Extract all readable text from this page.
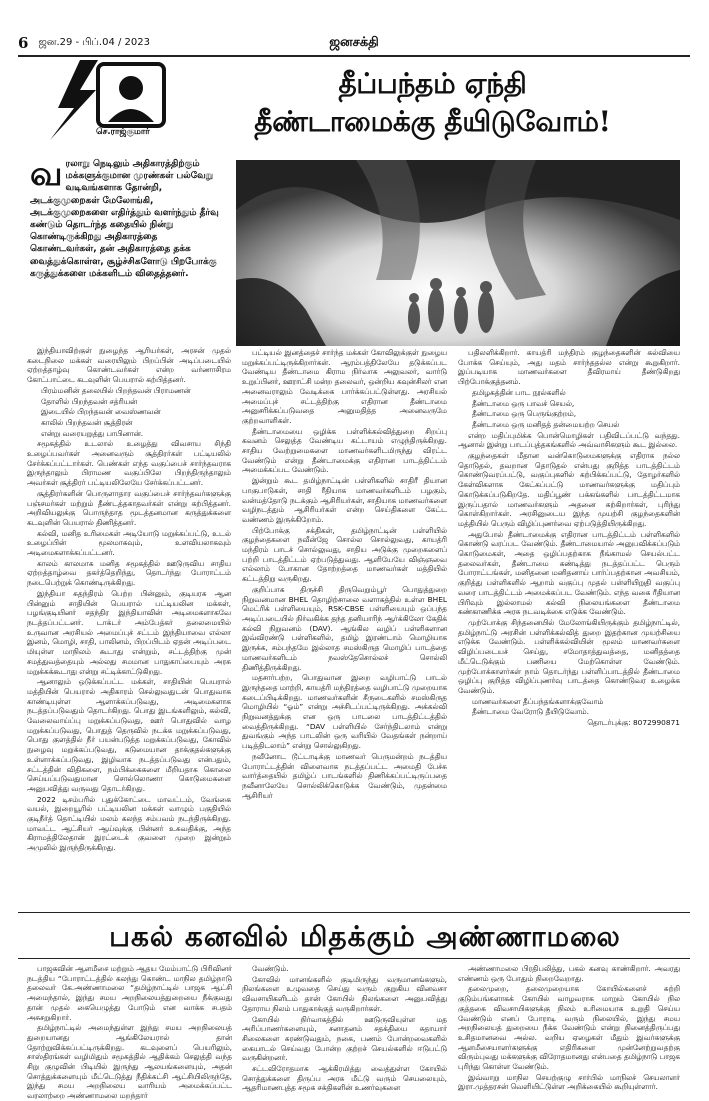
6 ஜன.29 - பிப்.04 / 2023	ஜனசக்தி
செ.ராஜ்குமார்
தீப்பந்தம் ஏந்தி
தீண்டாமைக்கு தீயிடுவோம்!
வ ரலாறு நெடிலும் அதிகாரத்திற்கும் மக்களுக்குமான முரண்கள் பல்வேறு வடிவங்களாக தோன்றி, அடக்குமுறைகள் மேலோங்கி, அடக்குமுறைகளை எதிர்த்தும் வளர்ந்தும் தீர்வு கண்டும் தொடர்ந்த கதையில் நின்று கொண்டிருக்கிறது அதிகாரத்தை கொண்டவர்கள், தன் அதிகாரத்தை தக்க வைத்துக்கொள்ள, சூழ்ச்சிகளோடு பிறபோக்கு கருத்துக்களை மக்களிடம் விதைத்தனர்.

இந்தியாவிற்குள் நுழைந்த ஆரியர்கள், அரசன் முதல் கடைநிலை மக்கள் வரையிலும் பிறப்பின் அடிப்படையில் ஏற்றத்தாழ்வு கொண்டவர்கள் என்ற வர்ணாசிரம கோட்பாட்டை கடவுளின் பெயரால் கற்பித்தனர்.

பிரம்மனின் தலையில் பிறந்தவன் பிராமணன்

தோளில் பிறந்தவன் சத்ரியன்

இடையில் பிறந்தவன் வைஸ்ணவன்

காலில் பிறந்தவன் சூத்திரன்

என்று வரையறுத்து பாபினான்.

சமூகத்தில் உடலால் உழைத்து விவசாய சிந்தி உழைப்பவர்கள் அனைவரும் சூத்திரர்கள் பட்டியலில் சேர்க்கப்பட்டார்கள். பெண்கள் எந்த வகுப்பைச் சார்ந்தவராக இருந்தாலும் பிராமண வகுப்பிலே பிறந்திருந்தாலும் அவர்கள் சூத்திரர் பட்டியலிலேயே சேர்க்கப்பட்டனர்.

சூத்திரர்களின் பொருளாதார வகுப்பைச் சார்ந்தவர்களுக்கு பஞ்சமர்கள் மற்றும் தீண்டத்தகாதவர்கள் என்று கற்பித்தனர். அறிவியலுக்கு பொருந்தாத மூடத்தனமான கருத்துக்களை கடவுளின் பெயரால் திணித்தனர்.

கல்வி, மனித உரிமைகள் அடியோடு மறுக்கப்பட்டு, உடல் உழைப்பின் மூலமாகவும், உளவியலாகவும் அடிமைகளாக்கப்பட்டனர்.

காலம் காலமாக மனித சமூகத்தில் ஊடுருவிய சாதிய ஏற்றத்தாழ்வை தகர்த்தெறிந்து, தொடர்ந்து போராட்டம் நடைபெற்றுக் கொண்டிருக்கிறது.

இந்தியா சுதந்திரம் பெற்ற பின்னும், குடியரசு ஆன பின்னும் சாதியின் பெயரால் பட்டியலின மக்கள், பழங்குடியினர் சதந்திர இந்தியாவின் அடிமைகளாகவே நடத்தப்பட்டனர். டாக்டர் அம்பேத்கர் தலைமையில் உருவான அரசியல் அமைப்புச் சட்டம் இந்தியாவை எல்லா இனம், மொழி, சாதி, பாலினம், பிறப்பிடம் ஏதன் அடிப்படை மியுள்ள மாநிலம் கூடாது என்றும், சட்டத்திற்கு முன் சமத்துவத்தையும் அல்லது சமமான பாதுகாப்பையும் அரசு மறுக்கக்கூடாது என்று சட்டிக்காட்டுகிறது.

ஆனாலும் ஒடுக்கப்பட்ட மக்கள், சாதியின் பெயரால் மத்தியின் பெயரால் அதிகாரம் செல்லுவதுடன் பொதுவாக காண்டியுள்ள ஆளாக்கப்படுவது, அடிமைகளாக நடத்தப்படுவதும் தொடர்கிறது. பொது இடங்களிலும், கல்வி, வேலைவாய்ப்பு மறுக்கப்படுவது, ஊர் பொதுவில் வாழ மறுக்கப்படுவது, பொதுத் தெருவில் நடக்க மறுக்கப்படுவது, பொது குளத்தில் நீர் பயன்படுத்த மறுக்கப்படுவது, கோவில் நுழைவு மறுக்கப்படுவது, கடுமையான தாக்குதல்களுக்கு உள்ளாக்கப்படுவது, இழிவாக நடத்தப்படுவது என்பதும், சட்டத்தின் விதிகளை, நம்பிக்கைகளை மீறியதாக கொலை செய்யப்படுவதுமான சொல்லொணா கொடுமைகளை அனுபவித்து வருவது தொடர்கிறது.

2022 டிசம்பரில் புதுக்கோட்டை மாவட்டம், வேங்கை வயல், இறையூரில் பட்டியலின மக்கள் வாழும் பகுதியில் குடிநீர்த் தொட்டியில் மலம் கலந்த சம்பவம் நடந்திருக்கிறது. மாவட்ட ஆட்சியர் ஆய்வுக்கு பின்னர் உசுவதிக்கு, அந்த கிராமத்திலேதான் இரட்டைக் குவளை முறை இன்றும் அமுலில் இருந்திருக்கிறது.

பட்டியல் இனத்தைச் சார்ந்த மக்கள் கோவிலுக்குள் நுழைய மறுக்கப்பட்டிருக்கிறார்கள். ஆரம்பத்திலேயே தடுக்கப்பட வேண்டிய தீண்டாமை கிராம நிர்வாக அலுவலர், வார்டு உறுப்பினர், ஊராட்சி மன்ற தலைவர், ஒன்றிய கவுன்சிலர் என அனைவராலும் வேடிக்கை பார்க்கப்பட்டுள்ளது. அரசியல் அமைப்புச் சட்டத்திற்கு எதிரான தீண்டாமை அனுசரிக்கப்படுவதை அனுமதித்த அனைவருமே குற்றவாளிகள்.

தீண்டாமையை ஒழிக்க பள்ளிக்கல்வித்துறை சிறப்பு கவனம் செலுத்த வேண்டிய கட்டாயம் எழுந்திருக்கிறது. சாதிய வேற்றுமைகளை மாணவர்களிடமிருந்து விரட்ட வேண்டும் என்று தீண்டாமைக்கு எதிரான பாடத்திட்டம் அமைக்கப்பட வேண்டும்.

இன்றும் கூட தமிழ்நாட்டின் பள்ளிகளில் சாதிரீ தியான பாகுபாடுகள், சாதி ரீதியாக மாணவர்களிடம் பழகும், வன்மத்தோடு நடக்கும் ஆசிரியர்கள், சாதியாக மாணவர்களை வழிநடத்தும் ஆசிரியர்கள் என்ற செய்திகளை கேட்ட வண்ணம் இருக்கிறோம்.

பிற்போக்கு சக்திகள், தமிழ்நாட்டின் பள்ளியில் குழந்தைகளை நவீன்ஜே சொல்ல சொல்லுவது, காயத்ரி மந்திரம் பாடச் சொல்லுவது, சாதிய அடுக்கு முறைகளைப் பற்றி பாடத்திட்டம் ஏற்படுத்துவது. ஆளியேயே விஞ்ஞவை எல்லாம் போகான தோற்றத்தை மாணவர்கள் மத்தியில் கட்டத்திறு வருகிறது.

குறிப்பாக திருச்சி திருவெறும்பூர் பொதுத்துறை நிறுவனமான BHEL தொழிற்சாலை வளாகத்தில் உள்ள BHEL மெட்ரிக் பள்ளியையும், RSK-CBSE பள்ளியையும் ஒப்பந்த அடிப்படையில் நிர்வகிக்க தந்த தனியாரிந் ஆர்க்கிலோ கேதிக் கல்வி நிறுவனம் (DAV). ஆங்கில வழிப் பள்ளிகளான இவ்விரண்டு பள்ளிகளில், தமிழ் இரண்டாம் மொழியாக இருக்க, சம்பந்தமே இல்லாத சமஸ்கிருத மொழிப் பாடத்தை மாணவர்களிடம் நவஸ்தேசொல்லச் சொல்லி திணித்திருக்கிறது.

மதசார்பற்ற, பொதுவான இறை வழிபாட்டு பாடல் இருந்ததை மாற்றி, காயத்ரி மந்திரத்தை வழிபாட்டு முறையாக கடைப்பிடிக்கிறது. மாணவர்களின் சீருடைகளில் சமஸ்கிருத மொழியில் “ஓம்” என்று அச்சிடப்பட்டிருக்கிறது. அக்கல்வி நிறுவனத்துக்கு என ஒரு பாடலை பாடத்திட்டத்தில் வைத்திருக்கிறது. “DAV பள்ளியில் சேர்ந்திடலாம் என்று துவங்கும் அந்த பாடலின் ஒரு வரியில் வேதங்கள் நன்றாய் படித்திடலாம்” என்று சொல்லுகிறது.

நவீனோட டூட்டாடிக்கு மாணவர் பெருமன்றம் நடத்திய போராட்டத்தின் விளைவாக நடத்தப்பட்ட அமைதி பேச்சு வார்த்தையில் தமிழ்ப் பாடங்களில் திணிக்கப்பட்டிருப்பதை நவீனாலேயே சொல்லிக்கொடுக்க வேண்டும், முதன்மை ஆசிரியர்

பதிலளிக்கிறார். காயத்ரி மந்திரம் குழந்தைகளின் கல்வியை போக்க செய்யும், அது மதம் சார்ந்ததல்ல என்று கூறுகிறார். இப்படியாக மாணவர்களை தீவிரமாய் தீண்டுகிறது பிற்போக்குத்தனம்.

தமிழகத்தின் பாட நூல்களில்

தீண்டாமை ஒரு பாவச் செயல்,

தீண்டாமை ஒரு பெருங்குற்றம்,

தீண்டாமை ஒரு மனிதத் தன்மையற்ற செயல்

என்ற மதிப்புமிக்க பொன்மொழிகள் பதிவிடப்பட்டு வந்தது. ஆனால் இன்று பாடப்புத்தகங்களில் அவ்வாசிகளும் கூட இல்லை.

குழந்தைகள் மீதான வன்கொடுமைகளுக்கு எதிராக நல்ல தொடுதல், தவறான தொடுதல் என்பது குறித்த பாடத்திட்டம் கொண்டுவரப்பட்டு, வகுப்புகளில் கற்பிக்கப்பட்டு, தோழர்களில் கேள்விகளாக கேட்கப்பட்டு மாணவர்களுக்கு மதிப்பும் கொடுக்கப்படுகிறதே. மதிப்பூண் பக்கங்களில் பாடத்திட்டமாக இருப்பதால் மாணவர்களும் அதனை கற்கிறார்கள், புரிந்து கொள்கிறார்கள். அரசினுடைய இந்த முயற்சி குழந்தைகளின் மத்தியில் பெரும் விழிப்புணர்வை ஏற்படுத்தியிருக்கிறது.

அதுபோல் தீண்டாமைக்கு எதிரான பாடத்திட்டம் பள்ளிகளில் கொண்டு வரப்பட வேண்டும். தீண்டாமையால் அனுபவிக்கப்படும் கொடுமைகள், அதை ஒழிப்பதற்காக நீங்காமல் செயல்பட்ட தலைவர்கள், தீண்டாமை கண்டித்து நடத்தப்பட்ட பெரும் போராட்டங்கள், மனிதனை மனிதனாய் பார்ப்பதற்கான அவசியம், குறித்து பள்ளிகளில் ஆறாம் வகுப்பு முதல் பள்ளியிறுதி வகுப்பு வரை பாடத்திட்டம் அமைக்கப்பட வேண்டும். எந்த வகை ரீதியான பிரிவும் இல்லாமல் கல்வி நிலையங்களை தீண்டாமை கண்காணிக்க அரசு நடவடிக்கை எடுக்க வேண்டும்.

முற்போக்கு சிந்தனையில் மேலோங்கியிருக்கும் தமிழ்நாட்டில், தமிழ்நாட்டு அரசின் பள்ளிக்கல்வித் துறை இதற்கான முயற்சியை எடுக்க வேண்டும். பள்ளிக்கல்வியின் மூலம் மாணவர்களை விழிப்படையச் செய்து, சமோதாத்துவத்தை, மனிதத்தை மீட்டெடுக்கும் பணியை மேற்கொள்ள வேண்டும். முற்போக்காளர்கள் நாம் தொடர்ந்து பள்ளிப்பாடத்தில் தீண்டாமை ஒழிப்பு குறித்த விழிப்புணர்வு பாடத்தை கொண்டுவர உழைக்க வேண்டும்.

மாணவர்களை தீப்பந்தங்களாக்குவோம்

தீண்டாமை வேரோடு தீயிடுவோம்.

தொடர்புக்கு: 8072990871

பகல் கனவில் மிதக்கும் அண்ணாமலை

பாஜகவின் ஆளமீசை மற்றும் ஆதய மேம்பாட்டு பிரிவினர் நடத்திய “போராட்டத்தில் கலந்து கொண்ட மாநில தமிழ்நாடு தலைவர் கே.அண்ணாமலை “தமிழ்நாட்டில் பாஜக ஆட்சி அமைந்தால், இந்து சமய அறநிலையத்துறையை நீக்குவது தான் முதல் கையெழுத்து போடும் என வாக்க சபதம் அசுசறுகிறார்.

தமிழ்நாட்டில் அமைந்துள்ள இந்து சமய அறநிலையத் துறையானது ஆங்கிலேயரால் தான் தோற்றுவிக்கப்பட்டிருக்கிறது. கடவுளைப் பெயரிலும், சாஸ்திரங்கள் வழிமிதும் சமூகத்தில் ஆதிக்கம் செலுத்தி வந்த சிறு குழுவின் பிடியில் இருந்து ஆலயங்களையும், அதன் சொத்துக்களையும் மீட்டெடுத்து நீதிக்கட்சி ஆட்சியிலிருந்தே, இந்து சமய அறநிலைய வாரியம் அமைக்கப்பட்ட வரலாற்றை அண்ணாமலை மறந்தார்

வேண்டும்.

கோவில் மானங்களில் குடிமிருந்து வருமானங்களும், நிலங்களை உழுவதை செய்து வரும் குறுகிய வினவசா விவசாயிகளிடம் தான் கோயில் நிலங்களை அனுபவித்து தோராய நிலம் பாதுகாக்குத் வருகிறார்கள்.

கோயில் நிர்வாகத்தில் ஊடுருவியுள்ள மத அரிப்பாணர்களையும், சனாதனம் சதக்தியை சுதாயார் சிலைகளை சுரண்டுவதும், நகை, பணம் போன்றவைகளில் கையாடல் செய்வது போன்ற குற்றச் செயல்களில் ஈடுபட்டு வருகின்றனர்.

சட்டவிரோதமாக ஆக்கிரமித்து வைத்துள்ள கோயில் சொத்துக்களை திருப்ப அரசு மீட்டு வரும் செயலையும், ஆதரிமாணபுத்த சமூக சக்திகளின் உணர்வுகளை

அண்ணாமலை பிரதிபலித்து, பகல் கனவு காண்கிறார். அவரது எண்ணம் ஒரு போதும் நிறைவேறாது.

தலைமுறை, தலைமுறையாக கோயில்களைச் சுற்றி குடும்பங்களாகக் கோயில் வாழவராக மாறும் கோயில் நில குத்தகை விவசாயிகளுக்கு நிலம் உரிமையாக உறுதி செய்ய வேண்டும் எனப் போராடி வரும் நிலையில், இந்து சமய அறநிலையத் துறையை நீக்க வேண்டும் என்று நினைத்திருப்பது உசிதமானவை அல்ல. வறிய ஏழைகள் மீதும் இவர்களுக்கு ஆளமீசையாளர்களுக்கு எதிரிகளை முன்னேற்றுவதற்கு விரும்புவது மக்களுக்கு விரோதமானது என்பதை தமிழ்நாடு பாஜக புரிந்து கொள்ள வேண்டும்.

இவ்வாறு மாநில செயற்குழு சார்பில் மாநிலச் செயலாளர் இரா.முத்தரசன் வெளியிட்டுள்ள அறிக்கையில் கூறியுள்ளார்.
